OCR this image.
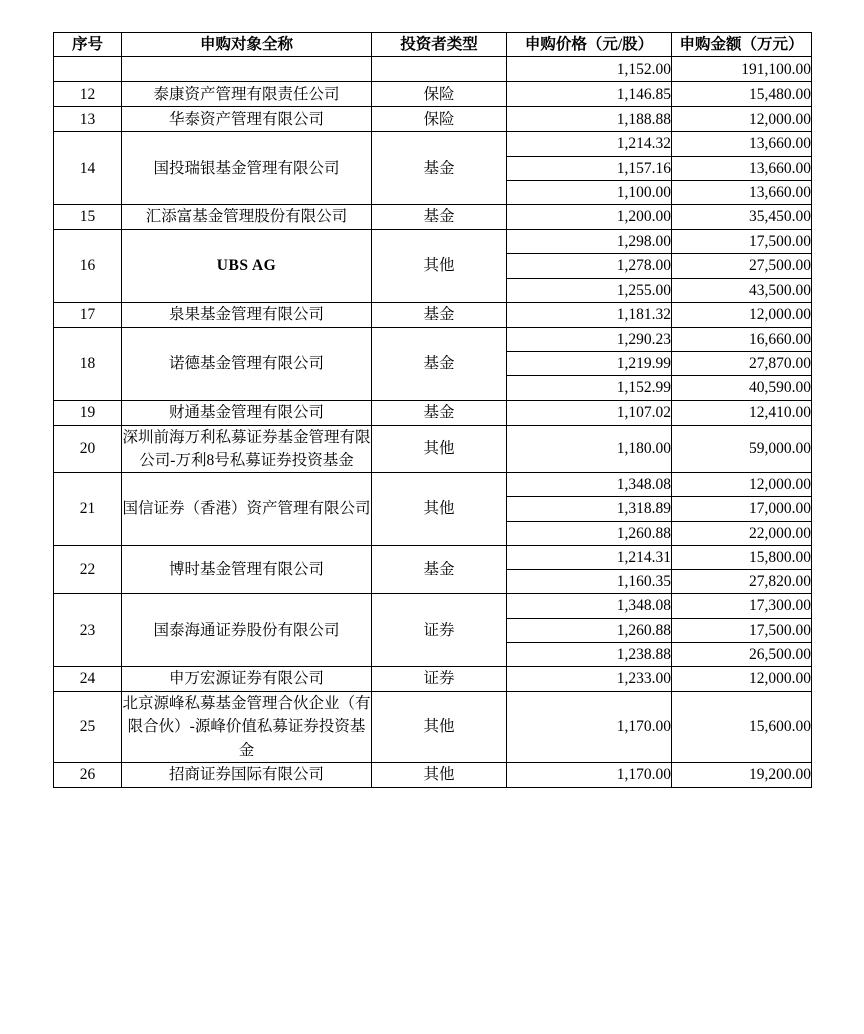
序号	申购对象全称	投资者类型	申购价格（元/股）	申购金额（万元）
			1,152.00	191,100.00
12	泰康资产管理有限责任公司	保险	1,146.85	15,480.00
13	华泰资产管理有限公司	保险	1,188.88	12,000.00
14	国投瑞银基金管理有限公司	基金	1,214.32	13,660.00
			1,157.16	13,660.00
			1,100.00	13,660.00
15	汇添富基金管理股份有限公司	基金	1,200.00	35,450.00
16	UBS AG	其他	1,298.00	17,500.00
			1,278.00	27,500.00
			1,255.00	43,500.00
17	泉果基金管理有限公司	基金	1,181.32	12,000.00
18	诺德基金管理有限公司	基金	1,290.23	16,660.00
			1,219.99	27,870.00
			1,152.99	40,590.00
19	财通基金管理有限公司	基金	1,107.02	12,410.00
20	深圳前海万利私募证券基金管理有限公司-万利8号私募证券投资基金	其他	1,180.00	59,000.00
21	国信证券（香港）资产管理有限公司	其他	1,348.08	12,000.00
			1,318.89	17,000.00
			1,260.88	22,000.00
22	博时基金管理有限公司	基金	1,214.31	15,800.00
			1,160.35	27,820.00
23	国泰海通证券股份有限公司	证券	1,348.08	17,300.00
			1,260.88	17,500.00
			1,238.88	26,500.00
24	申万宏源证券有限公司	证券	1,233.00	12,000.00
25	北京源峰私募基金管理合伙企业（有限合伙）-源峰价值私募证券投资基金	其他	1,170.00	15,600.00
26	招商证券国际有限公司	其他	1,170.00	19,200.00
